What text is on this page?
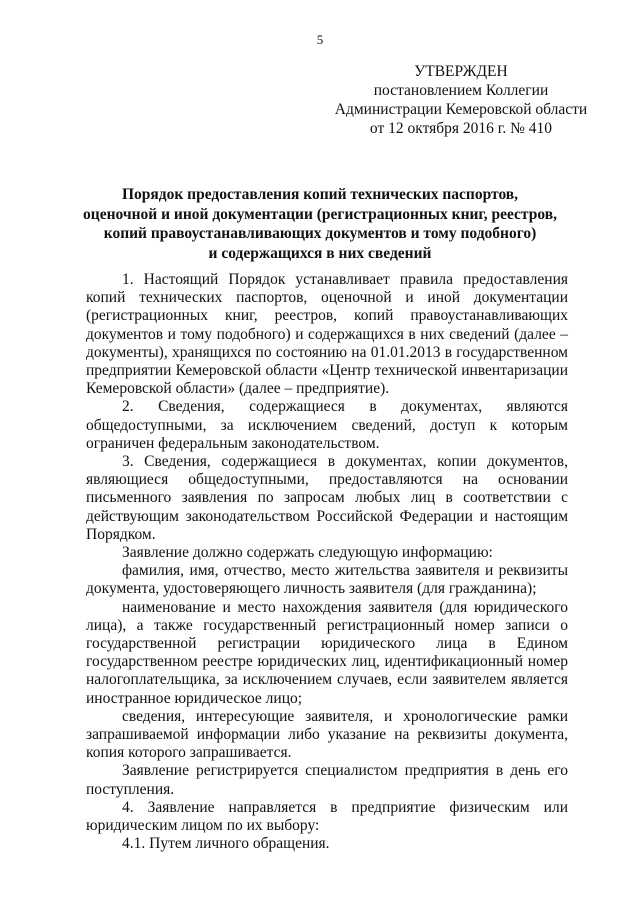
5
УТВЕРЖДЕН
постановлением Коллегии
Администрации Кемеровской области
от 12 октября 2016 г. № 410
Порядок предоставления копий технических паспортов,
оценочной и иной документации (регистрационных книг, реестров,
копий правоустанавливающих документов и тому подобного)
и содержащихся в них сведений

1. Настоящий Порядок устанавливает правила предоставления копий технических паспортов, оценочной и иной документации (регистрационных книг, реестров, копий правоустанавливающих документов и тому подобного) и содержащихся в них сведений (далее – документы), хранящихся по состоянию на 01.01.2013 в государственном предприятии Кемеровской области «Центр технической инвентаризации Кемеровской области» (далее – предприятие).

2. Сведения, содержащиеся в документах, являются общедоступными, за исключением сведений, доступ к которым ограничен федеральным законодательством.

3. Сведения, содержащиеся в документах, копии документов, являющиеся общедоступными, предоставляются на основании письменного заявления по запросам любых лиц в соответствии с действующим законодательством Российской Федерации и настоящим Порядком.

Заявление должно содержать следующую информацию:

фамилия, имя, отчество, место жительства заявителя и реквизиты документа, удостоверяющего личность заявителя (для гражданина);

наименование и место нахождения заявителя (для юридического лица), а также государственный регистрационный номер записи о государственной регистрации юридического лица в Едином государственном реестре юридических лиц, идентификационный номер налогоплательщика, за исключением случаев, если заявителем является иностранное юридическое лицо;

сведения, интересующие заявителя, и хронологические рамки запрашиваемой информации либо указание на реквизиты документа, копия которого запрашивается.

Заявление регистрируется специалистом предприятия в день его поступления.

4. Заявление направляется в предприятие физическим или юридическим лицом по их выбору:

4.1. Путем личного обращения.
